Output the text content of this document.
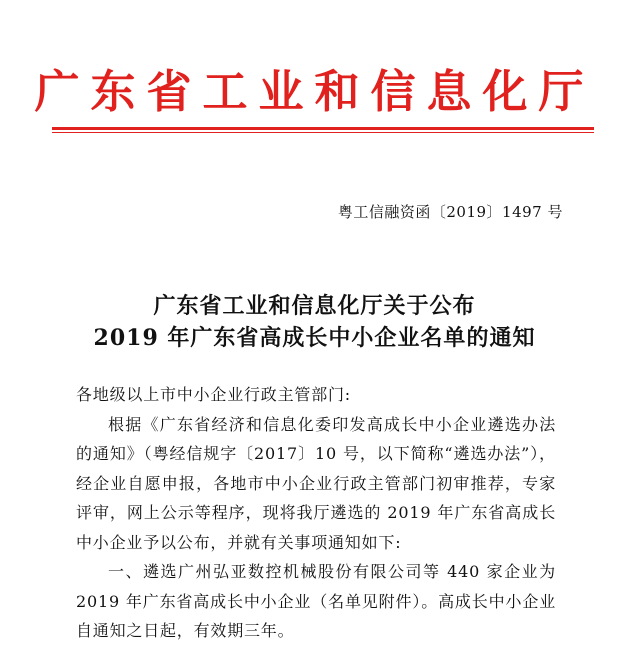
广东省工业和信息化厅
粤工信融资函〔2019〕1497 号
广东省工业和信息化厅关于公布
2019 年广东省高成长中小企业名单的通知

各地级以上市中小企业行政主管部门:

根据《广东省经济和信息化委印发高成长中小企业遴选办法的通知》（粤经信规字〔2017〕10 号，以下简称“遴选办法”），经企业自愿申报，各地市中小企业行政主管部门初审推荐，专家评审，网上公示等程序，现将我厅遴选的 2019 年广东省高成长中小企业予以公布，并就有关事项通知如下:

一、遴选广州弘亚数控机械股份有限公司等 440 家企业为 2019 年广东省高成长中小企业（名单见附件）。高成长中小企业自通知之日起，有效期三年。
